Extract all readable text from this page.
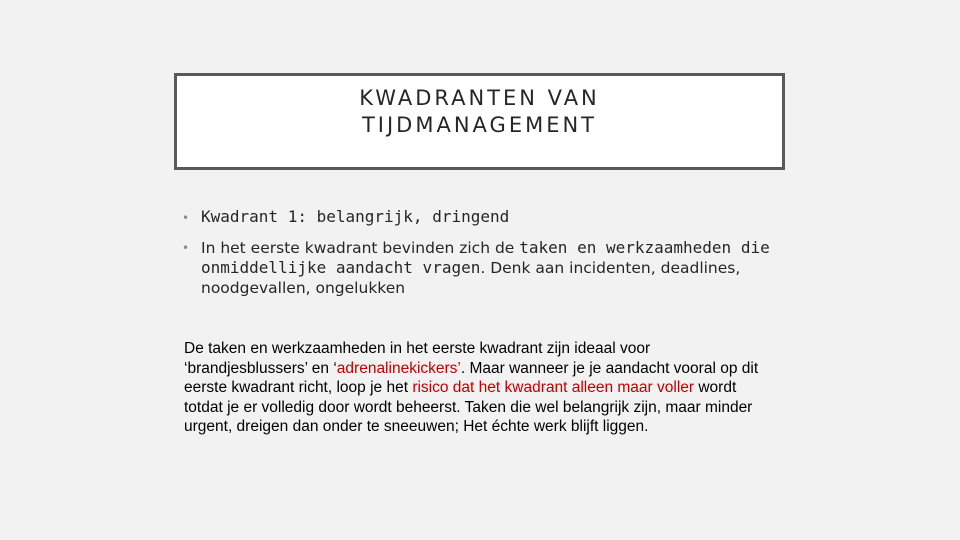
KWADRANTEN VAN
TIJDMANAGEMENT
• Kwadrant 1: belangrijk, dringend
• In het eerste kwadrant bevinden zich de taken en werkzaamheden die onmiddellijke aandacht vragen. Denk aan incidenten, deadlines, noodgevallen, ongelukken
De taken en werkzaamheden in het eerste kwadrant zijn ideaal voor ‘brandjesblussers’ en ‘adrenalinekickers’. Maar wanneer je je aandacht vooral op dit eerste kwadrant richt, loop je het risico dat het kwadrant alleen maar voller wordt totdat je er volledig door wordt beheerst. Taken die wel belangrijk zijn, maar minder urgent, dreigen dan onder te sneeuwen; Het échte werk blijft liggen.
